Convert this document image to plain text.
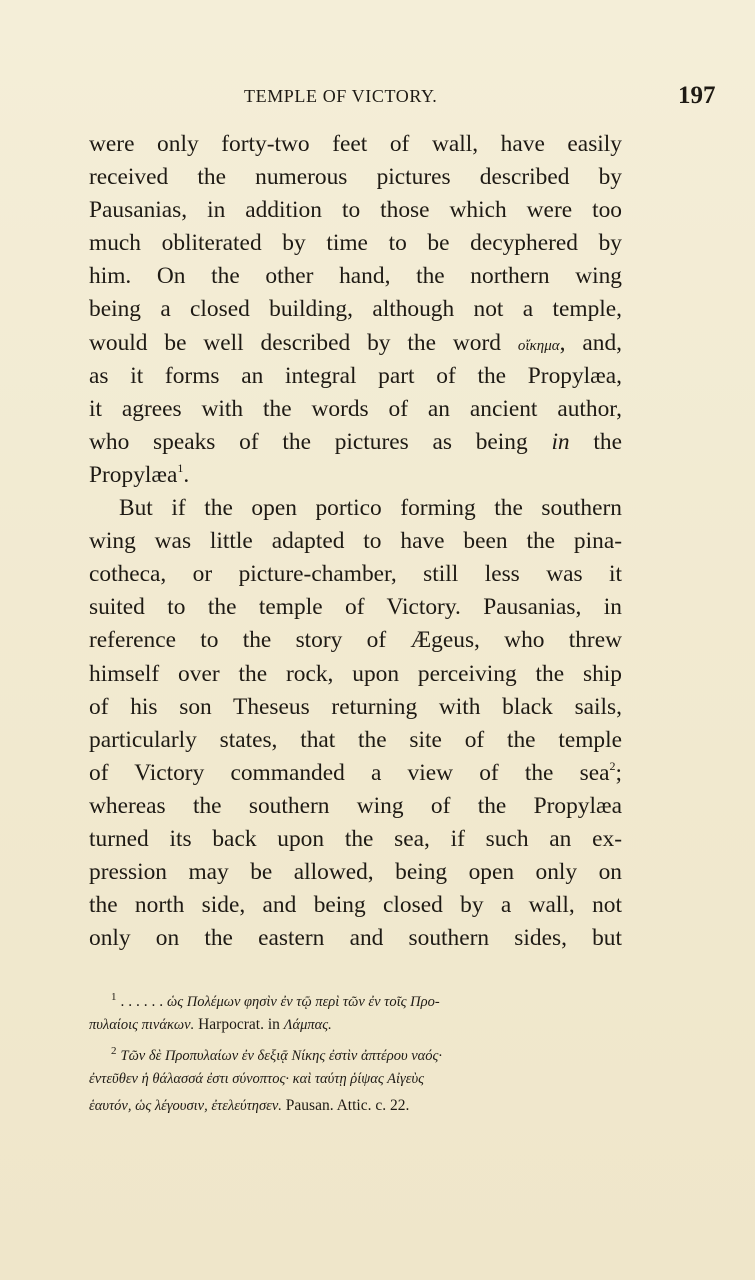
TEMPLE OF VICTORY.	197
were only forty-two feet of wall, have easily
received the numerous pictures described by
Pausanias, in addition to those which were too
much obliterated by time to be decyphered by
him. On the other hand, the northern wing
being a closed building, although not a temple,
would be well described by the word οἴκημα, and,
as it forms an integral part of the Propylæa,
it agrees with the words of an ancient author,
who speaks of the pictures as being in the
Propylæa$^1$.
But if the open portico forming the southern
wing was little adapted to have been the pina-
cotheca, or picture-chamber, still less was it
suited to the temple of Victory. Pausanias, in
reference to the story of Ægeus, who threw
himself over the rock, upon perceiving the ship
of his son Theseus returning with black sails,
particularly states, that the site of the temple
of Victory commanded a view of the sea$^2$;
whereas the southern wing of the Propylæa
turned its back upon the sea, if such an ex-
pression may be allowed, being open only on
the north side, and being closed by a wall, not
only on the eastern and southern sides, but
$^1$ . . . . . . ὡς Πολέμων φησὶν ἐν τῷ περὶ τῶν ἐν τοῖς Προ-
πυλαίοις πινάκων. Harpocrat. in Λάμπας.
$^2$ Τῶν δὲ Προπυλαίων ἐν δεξιᾷ Νίκης ἐστὶν ἀπτέρου ναός·
ἐντεῦθεν ἡ θάλασσά ἐστι σύνοπτος· καὶ ταύτῃ ῥίψας Αἰγεὺς
ἑαυτόν, ὡς λέγουσιν, ἐτελεύτησεν. Pausan. Attic. c. 22.
